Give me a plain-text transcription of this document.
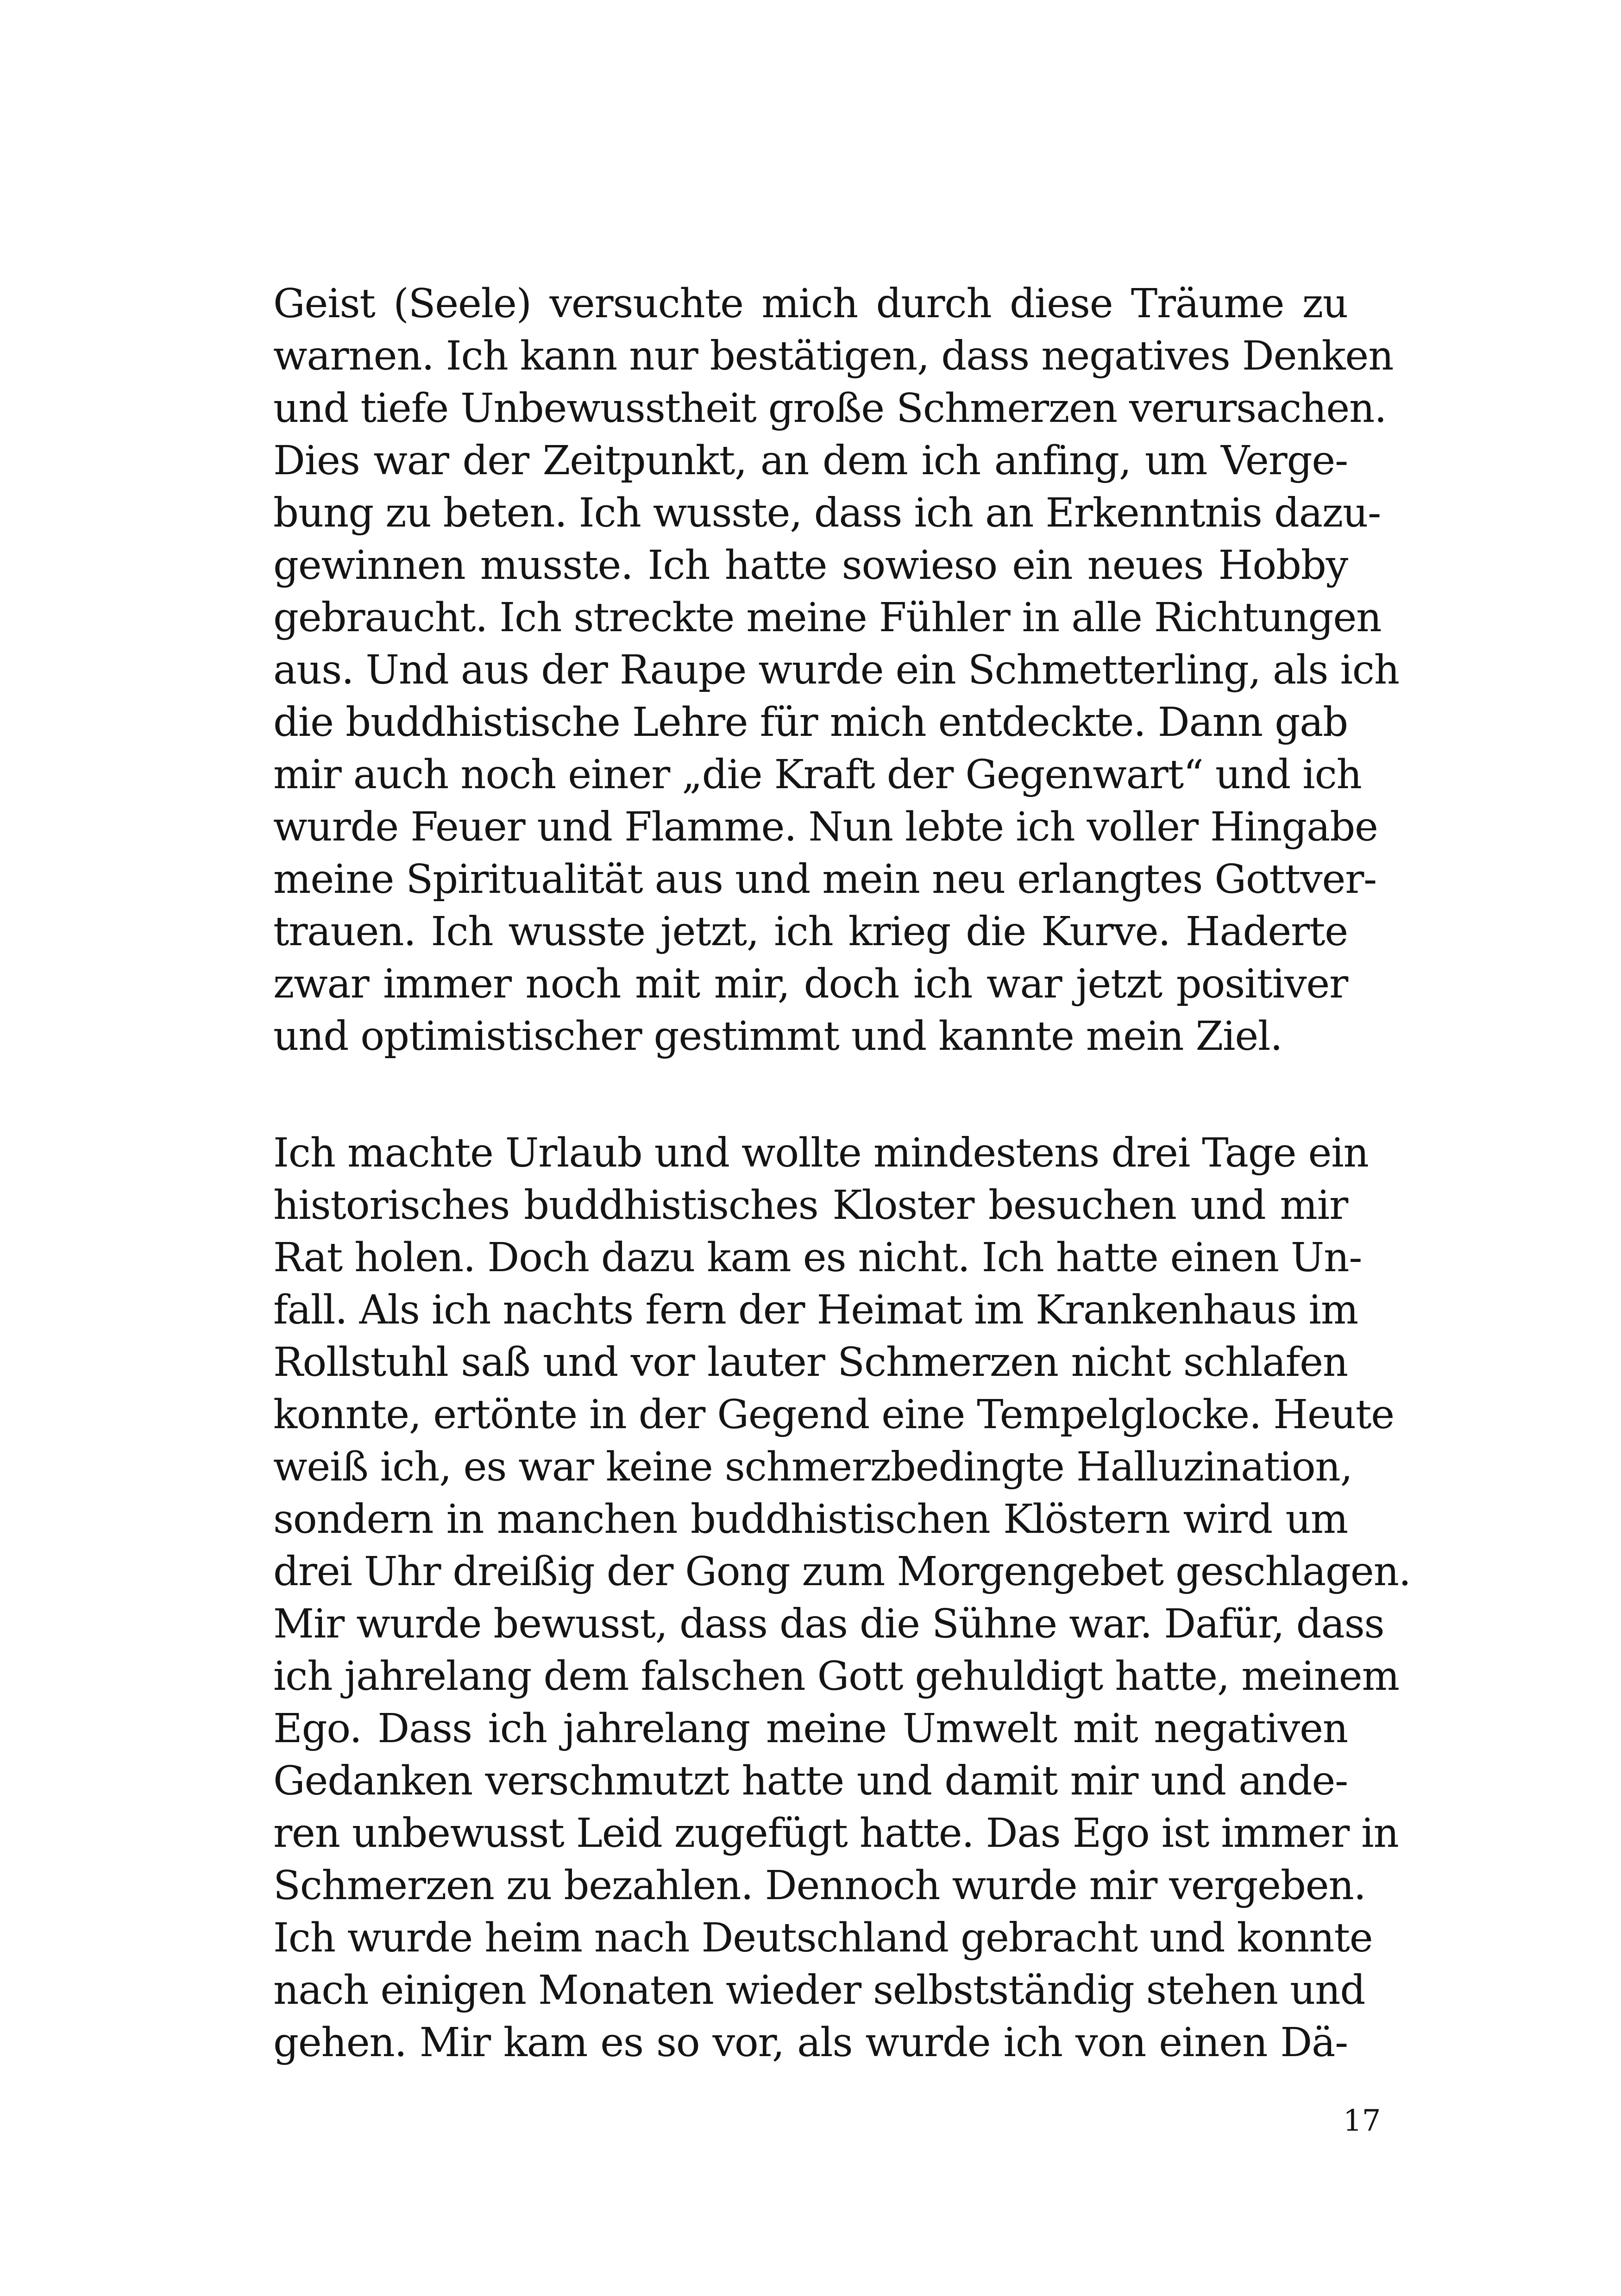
Geist (Seele) versuchte mich durch diese Träume zu
warnen. Ich kann nur bestätigen, dass negatives Denken
und tiefe Unbewusstheit große Schmerzen verursachen.
Dies war der Zeitpunkt, an dem ich anfing, um Verge-
bung zu beten. Ich wusste, dass ich an Erkenntnis dazu-
gewinnen musste. Ich hatte sowieso ein neues Hobby
gebraucht. Ich streckte meine Fühler in alle Richtungen
aus. Und aus der Raupe wurde ein Schmetterling, als ich
die buddhistische Lehre für mich entdeckte. Dann gab
mir auch noch einer „die Kraft der Gegenwart“ und ich
wurde Feuer und Flamme. Nun lebte ich voller Hingabe
meine Spiritualität aus und mein neu erlangtes Gottver-
trauen. Ich wusste jetzt, ich krieg die Kurve. Haderte
zwar immer noch mit mir, doch ich war jetzt positiver
und optimistischer gestimmt und kannte mein Ziel.
Ich machte Urlaub und wollte mindestens drei Tage ein
historisches buddhistisches Kloster besuchen und mir
Rat holen. Doch dazu kam es nicht. Ich hatte einen Un-
fall. Als ich nachts fern der Heimat im Krankenhaus im
Rollstuhl saß und vor lauter Schmerzen nicht schlafen
konnte, ertönte in der Gegend eine Tempelglocke. Heute
weiß ich, es war keine schmerzbedingte Halluzination,
sondern in manchen buddhistischen Klöstern wird um
drei Uhr dreißig der Gong zum Morgengebet geschlagen.
Mir wurde bewusst, dass das die Sühne war. Dafür, dass
ich jahrelang dem falschen Gott gehuldigt hatte, meinem
Ego. Dass ich jahrelang meine Umwelt mit negativen
Gedanken verschmutzt hatte und damit mir und ande-
ren unbewusst Leid zugefügt hatte. Das Ego ist immer in
Schmerzen zu bezahlen. Dennoch wurde mir vergeben.
Ich wurde heim nach Deutschland gebracht und konnte
nach einigen Monaten wieder selbstständig stehen und
gehen. Mir kam es so vor, als wurde ich von einen Dä-
17
